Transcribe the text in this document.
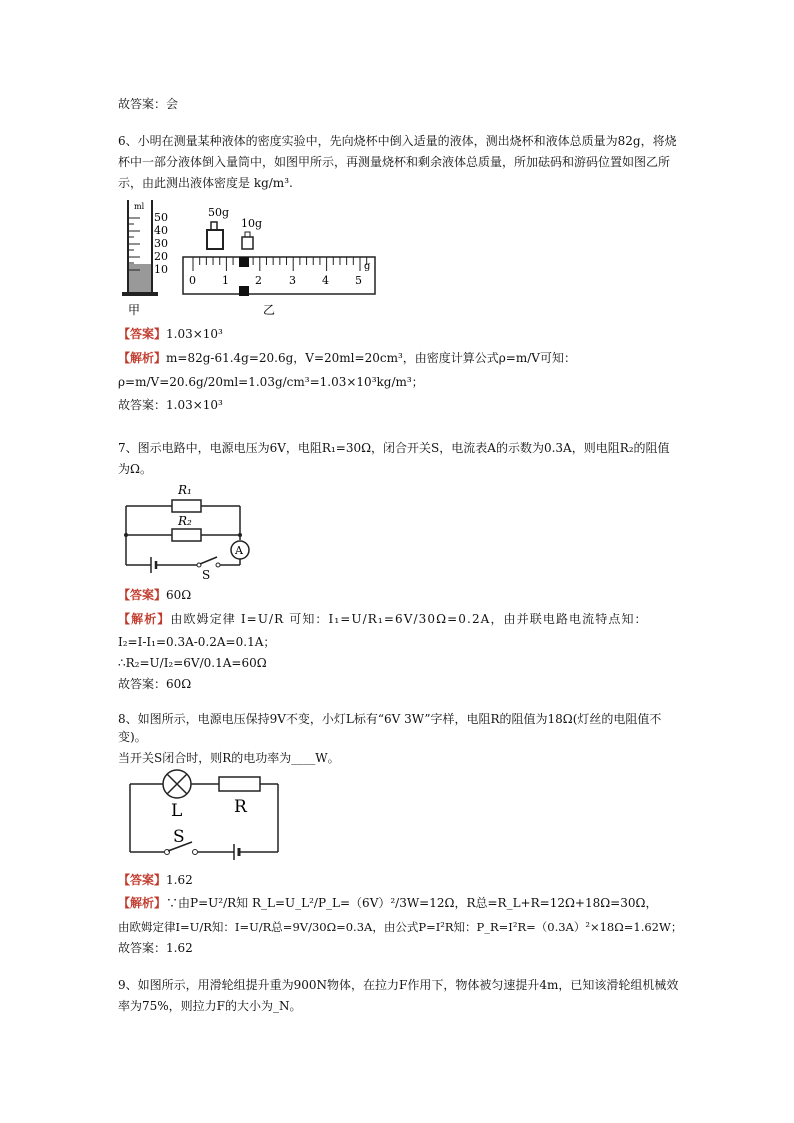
故答案：会
6、小明在测量某种液体的密度实验中，先向烧杯中倒入适量的液体，测出烧杯和液体总质量为82g，将烧
杯中一部分液体倒入量筒中，如图甲所示，再测量烧杯和剩余液体总质量，所加砝码和游码位置如图乙所
示，由此测出液体密度是 kg/m³.
ml
50
40
30
20
10
甲
50g
10g
0 1 2 3 4 5
g
乙
【答案】1.03×10³
【解析】m=82g-61.4g=20.6g，V=20ml=20cm³，由密度计算公式ρ=m/V可知：
ρ=m/V=20.6g/20ml=1.03g/cm³=1.03×10³kg/m³；
故答案：1.03×10³
7、图示电路中，电源电压为6V，电阻R₁=30Ω，闭合开关S，电流表A的示数为0.3A，则电阻R₂的阻值
为Ω。
R₁
R₂
A
S
【答案】60Ω
【解析】由欧姆定律 I=U/R 可知：I₁=U/R₁=6V/30Ω=0.2A，由并联电路电流特点知：
I₂=I-I₁=0.3A-0.2A=0.1A；
∴R₂=U/I₂=6V/0.1A=60Ω
故答案：60Ω
8、如图所示，电源电压保持9V不变，小灯L标有“6V 3W”字样，电阻R的阻值为18Ω(灯丝的电阻值不
变)。
当开关S闭合时，则R的电功率为____W。
L	R
S
【答案】1.62
【解析】∵由P=U²/R知 R_L=U_L²/P_L=（6V）²/3W=12Ω，R总=R_L+R=12Ω+18Ω=30Ω，
由欧姆定律I=U/R知：I=U/R总=9V/30Ω=0.3A，由公式P=I²R知：P_R=I²R=（0.3A）²×18Ω=1.62W；
故答案：1.62
9、如图所示，用滑轮组提升重为900N物体，在拉力F作用下，物体被匀速提升4m，已知该滑轮组机械效
率为75%，则拉力F的大小为_N。
